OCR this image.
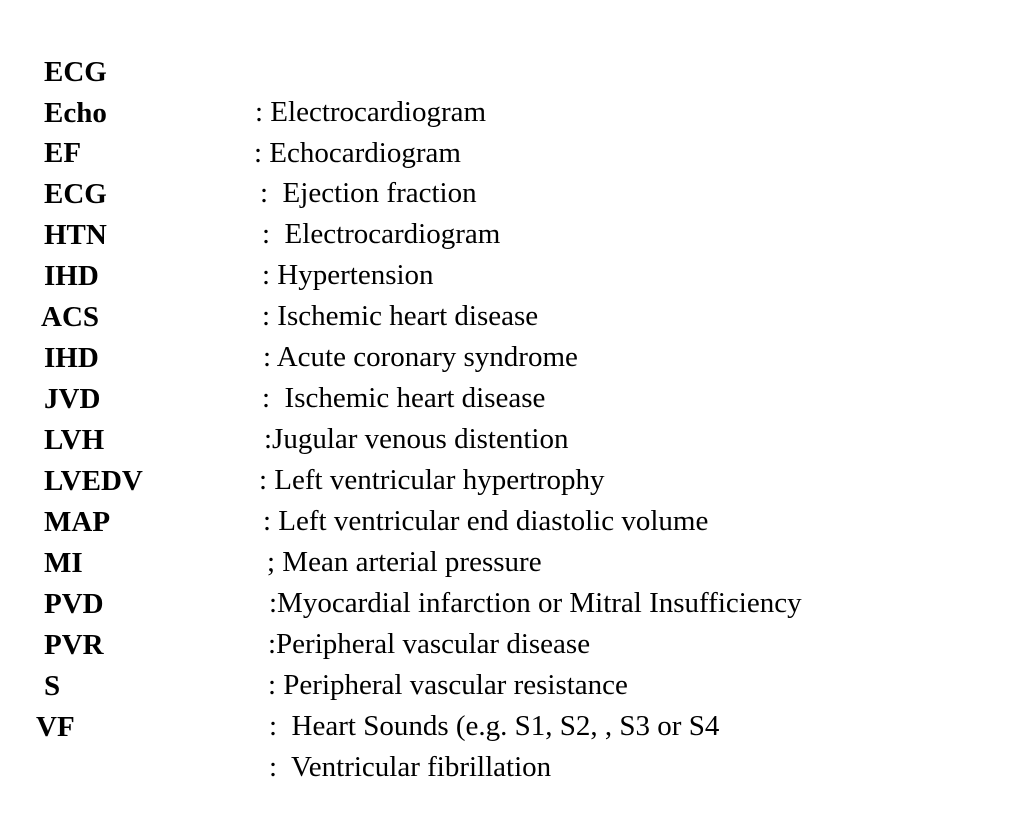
ECG

: Electrocardiogram

Echo

: Echocardiogram

EF

:  Ejection fraction

ECG

:  Electrocardiogram

HTN

: Hypertension

IHD

: Ischemic heart disease

ACS

: Acute coronary syndrome

IHD

:  Ischemic heart disease

JVD

:Jugular venous distention

LVH

: Left ventricular hypertrophy

LVEDV

: Left ventricular end diastolic volume

MAP

; Mean arterial pressure

MI

:Myocardial infarction or Mitral Insufficiency

PVD

:Peripheral vascular disease

PVR

: Peripheral vascular resistance

S

:  Heart Sounds (e.g. S1, S2, , S3 or S4

VF

:  Ventricular fibrillation
